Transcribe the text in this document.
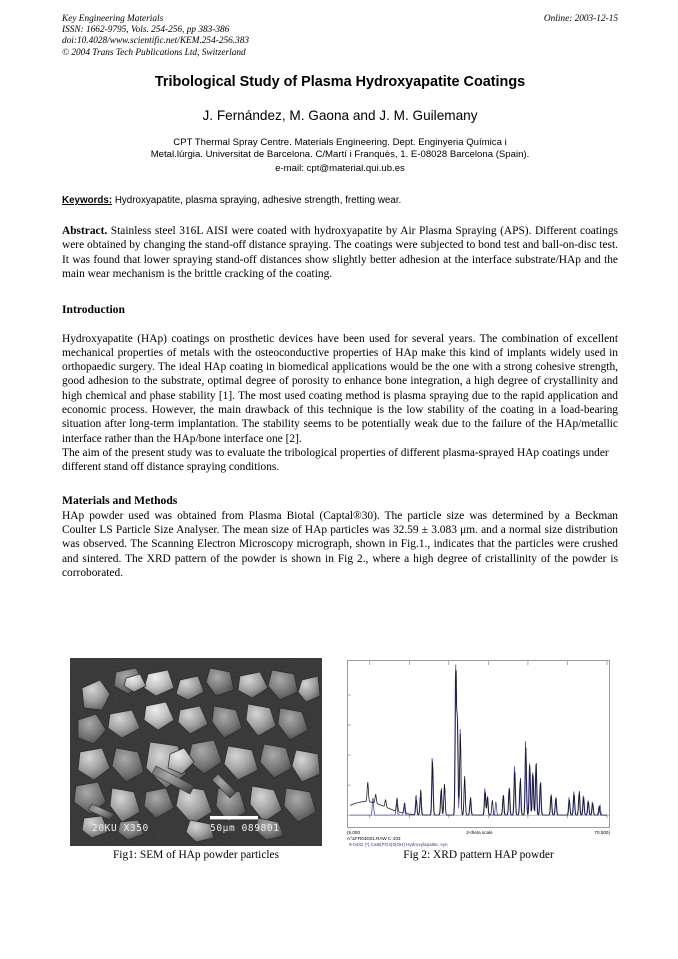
Key Engineering Materials
ISSN: 1662-9795, Vols. 254-256, pp 383-386
doi:10.4028/www.scientific.net/KEM.254-256.383
© 2004 Trans Tech Publications Ltd, Switzerland
Online: 2003-12-15
Tribological Study of Plasma Hydroxyapatite Coatings
J. Fernández, M. Gaona and J. M. Guilemany
CPT Thermal Spray Centre. Materials Engineering. Dept. Enginyeria Química i
Metal.lúrgia. Universitat de Barcelona. C/Martí i Franquès, 1. E-08028 Barcelona (Spain).
e-mail: cpt@material.qui.ub.es
Keywords: Hydroxyapatite, plasma spraying, adhesive strength, fretting wear.
Abstract. Stainless steel 316L AISI were coated with hydroxyapatite by Air Plasma Spraying (APS). Different coatings were obtained by changing the stand-off distance spraying. The coatings were subjected to bond test and ball-on-disc test. It was found that lower spraying stand-off distances show slightly better adhesion at the interface substrate/HAp and the main wear mechanism is the brittle cracking of the coating.
Introduction
Hydroxyapatite (HAp) coatings on prosthetic devices have been used for several years. The combination of excellent mechanical properties of metals with the osteoconductive properties of HAp make this kind of implants widely used in orthopaedic surgery. The ideal HAp coating in biomedical applications would be the one with a strong cohesive strength, good adhesion to the substrate, optimal degree of porosity to enhance bone integration, a high degree of crystallinity and high chemical and phase stability [1]. The most used coating method is plasma spraying due to the rapid application and economic process. However, the main drawback of this technique is the low stability of the coating in a load-bearing situation after long-term implantation. The stability seems to be potentially weak due to the failure of the HAp/metallic interface rather than the HAp/bone interface one [2].
The aim of the present study was to evaluate the tribological properties of different plasma-sprayed HAp coatings under different stand off distance spraying conditions.
Materials and Methods
HAp powder used was obtained from Plasma Biotal (Captal®30). The particle size was determined by a Beckman Coulter LS Particle Size Analyser. The mean size of HAp particles was 32.59 ± 3.083 μm. and a normal size distribution was observed. The Scanning Electron Microscopy micrograph, shown in Fig.1., indicates that the particles were crushed and sintered. The XRD pattern of the powder is shown in Fig 2., where a high degree of cristallinity of the powder is corroborated.
20KU X350	50µm 089801	(5.000	2-theta scale	70.000)
A:\1FR04D01.RAW C-103
9-0432 (*) Cal5(PO4)3(OH) Hydroxylapatite, syn
Fig1: SEM of HAp powder particles	Fig 2: XRD pattern HAP powder
